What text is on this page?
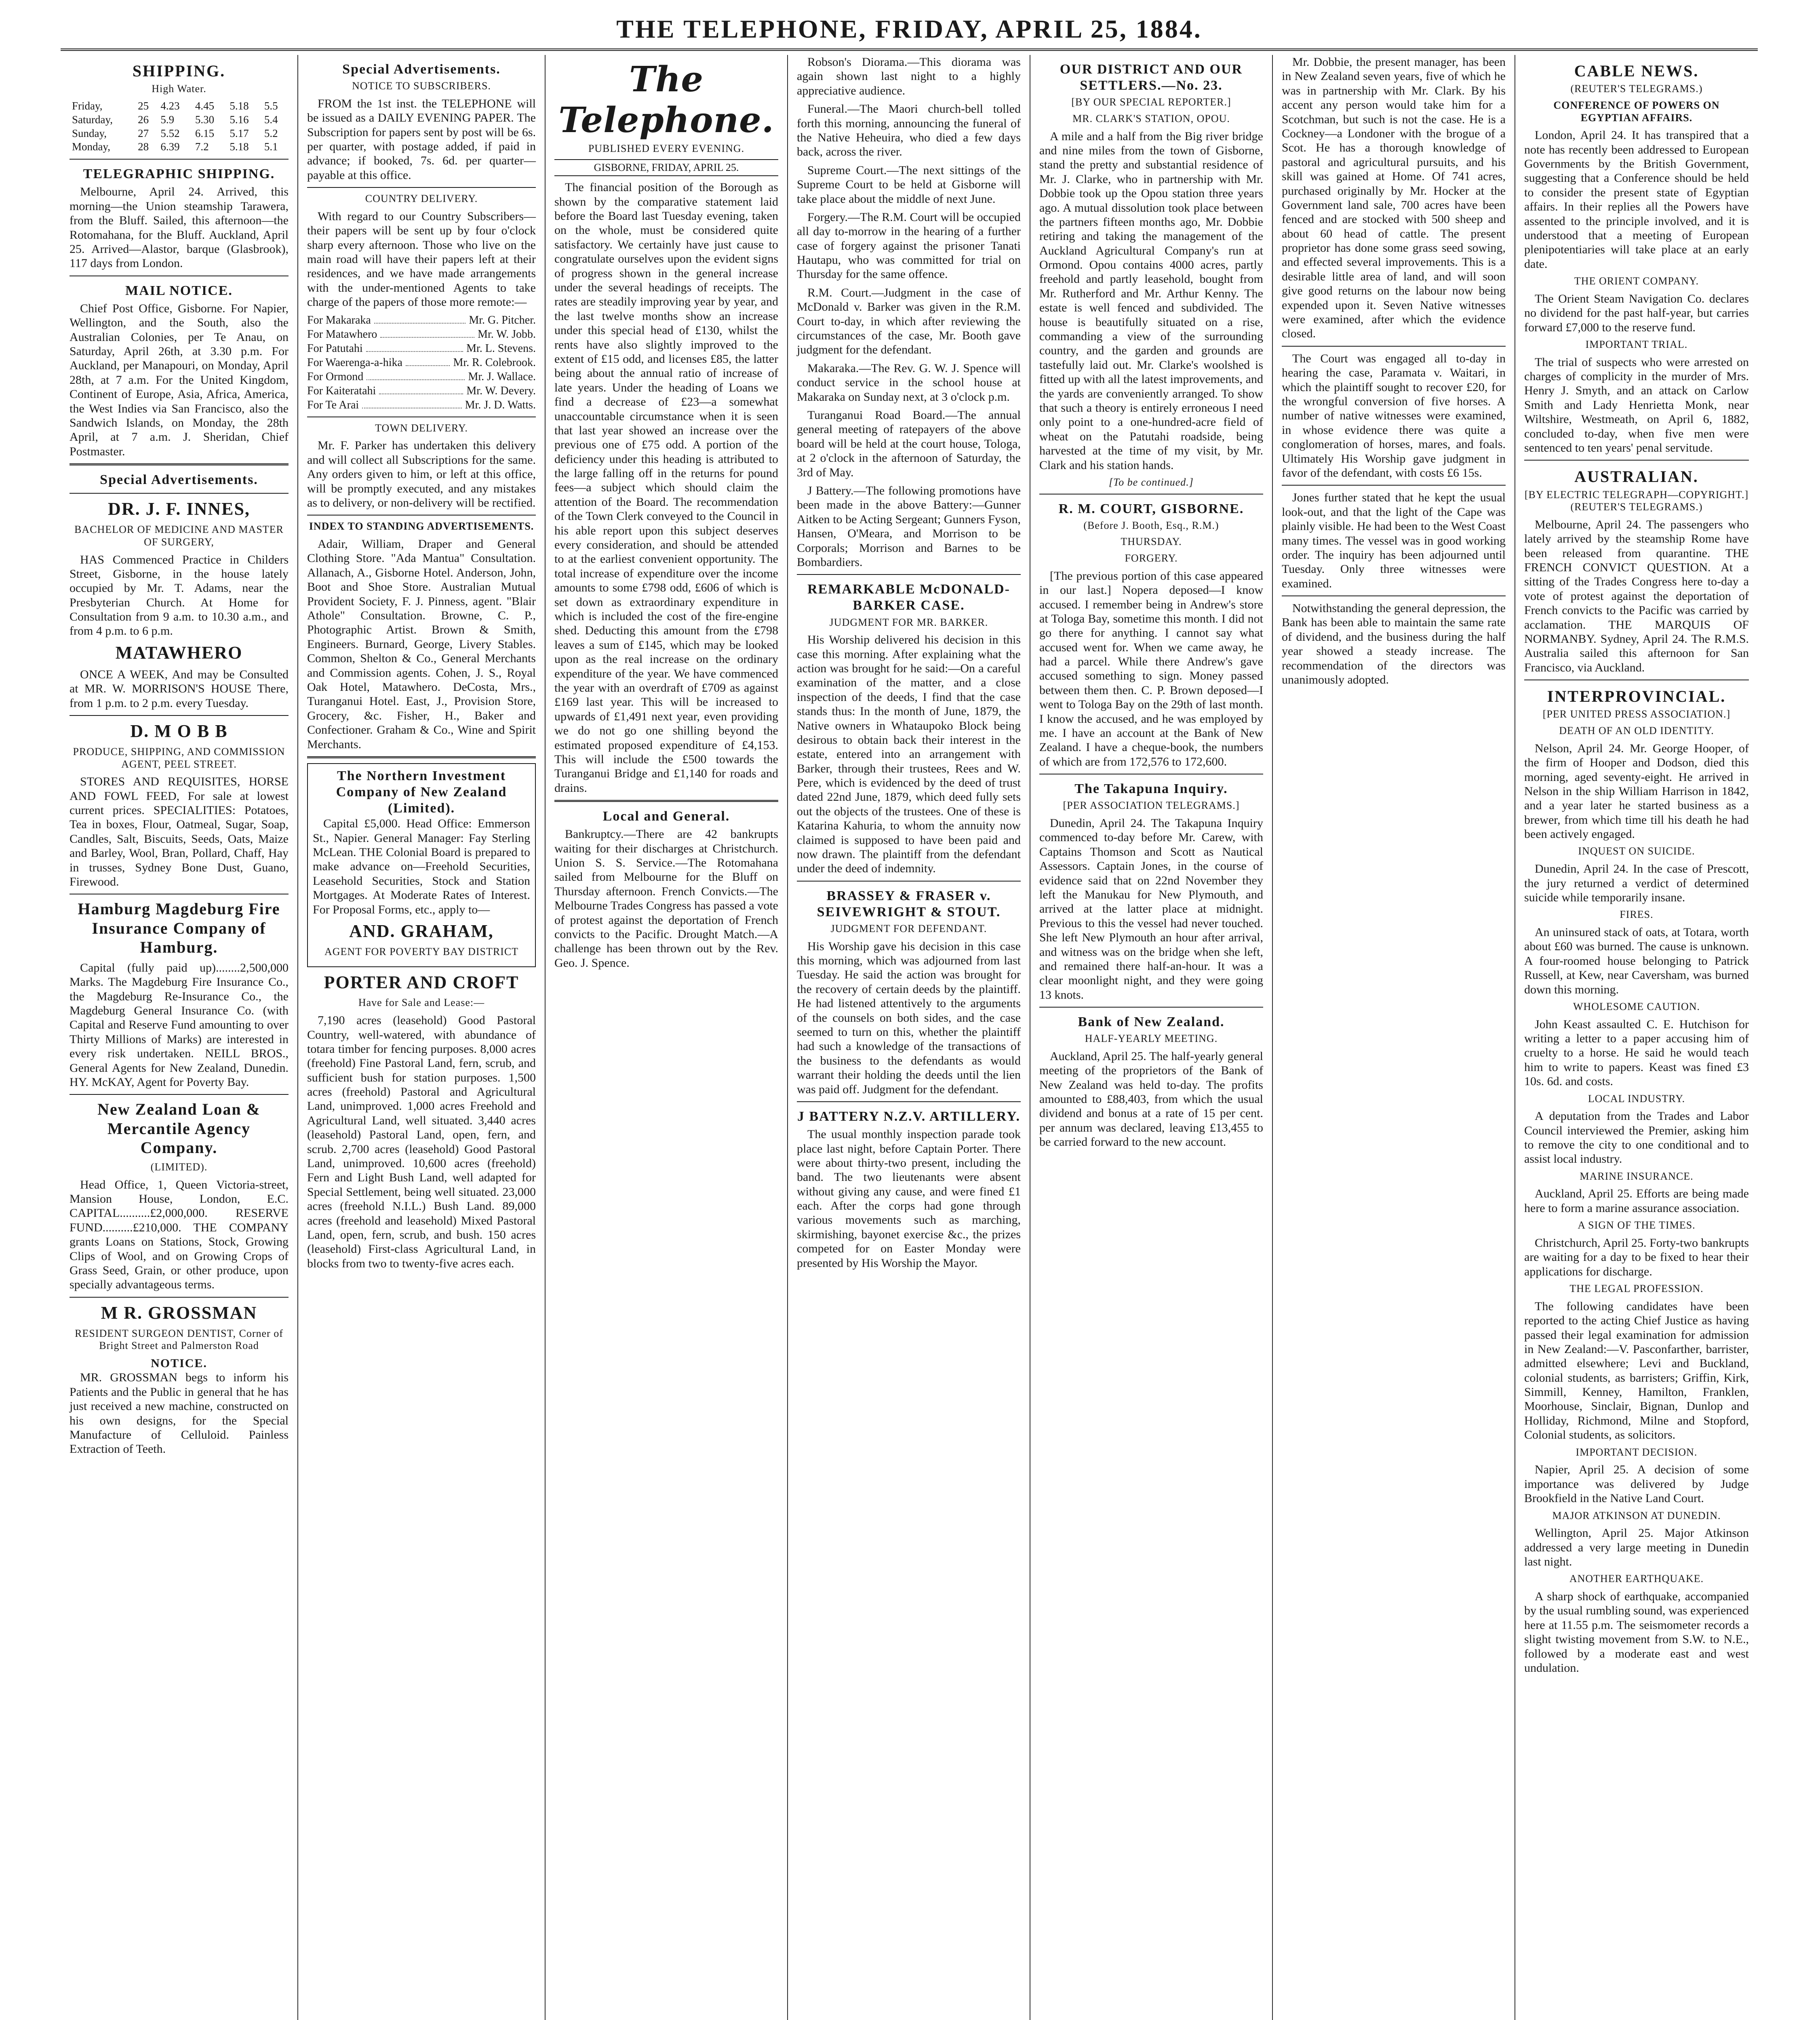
THE TELEPHONE, FRIDAY, APRIL 25, 1884.
SHIPPING.
High Water.
Friday,	25	4.23	4.45	5.18	5.5
Saturday,	26	5.9	5.30	5.16	5.4
Sunday,	27	5.52	6.15	5.17	5.2
Monday,	28	6.39	7.2	5.18	5.1
TELEGRAPHIC SHIPPING.

Melbourne, April 24. Arrived, this morning—the Union steamship Tarawera, from the Bluff. Sailed, this afternoon—the Rotomahana, for the Bluff. Auckland, April 25. Arrived—Alastor, barque (Glasbrook), 117 days from London.

MAIL NOTICE.

Chief Post Office, Gisborne. For Napier, Wellington, and the South, also the Australian Colonies, per Te Anau, on Saturday, April 26th, at 3.30 p.m. For Auckland, per Manapouri, on Monday, April 28th, at 7 a.m. For the United Kingdom, Continent of Europe, Asia, Africa, America, the West Indies via San Francisco, also the Sandwich Islands, on Monday, the 28th April, at 7 a.m. J. Sheridan, Chief Postmaster.

Special Advertisements.
DR. J. F. INNES,
BACHELOR OF MEDICINE AND MASTER OF SURGERY,

HAS Commenced Practice in Childers Street, Gisborne, in the house lately occupied by Mr. T. Adams, near the Presbyterian Church. At Home for Consultation from 9 a.m. to 10.30 a.m., and from 4 p.m. to 6 p.m.

MATAWHERO

ONCE A WEEK, And may be Consulted at MR. W. MORRISON'S HOUSE There, from 1 p.m. to 2 p.m. every Tuesday.

D. M O B B
PRODUCE, SHIPPING, AND COMMISSION AGENT, PEEL STREET.

STORES AND REQUISITES, HORSE AND FOWL FEED, For sale at lowest current prices. SPECIALITIES: Potatoes, Tea in boxes, Flour, Oatmeal, Sugar, Soap, Candles, Salt, Biscuits, Seeds, Oats, Maize and Barley, Wool, Bran, Pollard, Chaff, Hay in trusses, Sydney Bone Dust, Guano, Firewood.

Hamburg Magdeburg Fire Insurance Company of Hamburg.

Capital (fully paid up)........2,500,000 Marks. The Magdeburg Fire Insurance Co., the Magdeburg Re-Insurance Co., the Magdeburg General Insurance Co. (with Capital and Reserve Fund amounting to over Thirty Millions of Marks) are interested in every risk undertaken. NEILL BROS., General Agents for New Zealand, Dunedin. HY. McKAY, Agent for Poverty Bay.

New Zealand Loan & Mercantile Agency Company.
(LIMITED).

Head Office, 1, Queen Victoria-street, Mansion House, London, E.C. CAPITAL..........£2,000,000. RESERVE FUND..........£210,000. THE COMPANY grants Loans on Stations, Stock, Growing Clips of Wool, and on Growing Crops of Grass Seed, Grain, or other produce, upon specially advantageous terms.

M R. GROSSMAN
RESIDENT SURGEON DENTIST, Corner of Bright Street and Palmerston Road
NOTICE.

MR. GROSSMAN begs to inform his Patients and the Public in general that he has just received a new machine, constructed on his own designs, for the Special Manufacture of Celluloid. Painless Extraction of Teeth.

Special Advertisements.
NOTICE TO SUBSCRIBERS.

FROM the 1st inst. the TELEPHONE will be issued as a DAILY EVENING PAPER. The Subscription for papers sent by post will be 6s. per quarter, with postage added, if paid in advance; if booked, 7s. 6d. per quarter—payable at this office.

COUNTRY DELIVERY.

With regard to our Country Subscribers—their papers will be sent up by four o'clock sharp every afternoon. Those who live on the main road will have their papers left at their residences, and we have made arrangements with the under-mentioned Agents to take charge of the papers of those more remote:—

For Makaraka	Mr. G. Pitcher.
For Matawhero	Mr. W. Jobb.
For Patutahi	Mr. L. Stevens.
For Waerenga-a-hika	Mr. R. Colebrook.
For Ormond	Mr. J. Wallace.
For Kaiteratahi	Mr. W. Devery.
For Te Arai	Mr. J. D. Watts.
TOWN DELIVERY.

Mr. F. Parker has undertaken this delivery and will collect all Subscriptions for the same. Any orders given to him, or left at this office, will be promptly executed, and any mistakes as to delivery, or non-delivery will be rectified.

INDEX TO STANDING ADVERTISEMENTS.

Adair, William, Draper and General Clothing Store. "Ada Mantua" Consultation. Allanach, A., Gisborne Hotel. Anderson, John, Boot and Shoe Store. Australian Mutual Provident Society, F. J. Pinness, agent. "Blair Athole" Consultation. Browne, C. P., Photographic Artist. Brown & Smith, Engineers. Burnard, George, Livery Stables. Common, Shelton & Co., General Merchants and Commission agents. Cohen, J. S., Royal Oak Hotel, Matawhero. DeCosta, Mrs., Turanganui Hotel. East, J., Provision Store, Grocery, &c. Fisher, H., Baker and Confectioner. Graham & Co., Wine and Spirit Merchants.

The Northern Investment Company of New Zealand (Limited).

Capital £5,000. Head Office: Emmerson St., Napier. General Manager: Fay Sterling McLean. THE Colonial Board is prepared to make advance on—Freehold Securities, Leasehold Securities, Stock and Station Mortgages. At Moderate Rates of Interest. For Proposal Forms, etc., apply to—

AND. GRAHAM,
AGENT FOR POVERTY BAY DISTRICT
PORTER AND CROFT
Have for Sale and Lease:—

7,190 acres (leasehold) Good Pastoral Country, well-watered, with abundance of totara timber for fencing purposes. 8,000 acres (freehold) Fine Pastoral Land, fern, scrub, and sufficient bush for station purposes. 1,500 acres (freehold) Pastoral and Agricultural Land, unimproved. 1,000 acres Freehold and Agricultural Land, well situated. 3,440 acres (leasehold) Pastoral Land, open, fern, and scrub. 2,700 acres (leasehold) Good Pastoral Land, unimproved. 10,600 acres (freehold) Fern and Light Bush Land, well adapted for Special Settlement, being well situated. 23,000 acres (freehold N.I.L.) Bush Land. 89,000 acres (freehold and leasehold) Mixed Pastoral Land, open, fern, scrub, and bush. 150 acres (leasehold) First-class Agricultural Land, in blocks from two to twenty-five acres each.

The Telephone.
PUBLISHED EVERY EVENING.
GISBORNE, FRIDAY, APRIL 25.

The financial position of the Borough as shown by the comparative statement laid before the Board last Tuesday evening, taken on the whole, must be considered quite satisfactory. We certainly have just cause to congratulate ourselves upon the evident signs of progress shown in the general increase under the several headings of receipts. The rates are steadily improving year by year, and the last twelve months show an increase under this special head of £130, whilst the rents have also slightly improved to the extent of £15 odd, and licenses £85, the latter being about the annual ratio of increase of late years. Under the heading of Loans we find a decrease of £23—a somewhat unaccountable circumstance when it is seen that last year showed an increase over the previous one of £75 odd. A portion of the deficiency under this heading is attributed to the large falling off in the returns for pound fees—a subject which should claim the attention of the Board. The recommendation of the Town Clerk conveyed to the Council in his able report upon this subject deserves every consideration, and should be attended to at the earliest convenient opportunity. The total increase of expenditure over the income amounts to some £798 odd, £606 of which is set down as extraordinary expenditure in which is included the cost of the fire-engine shed. Deducting this amount from the £798 leaves a sum of £145, which may be looked upon as the real increase on the ordinary expenditure of the year. We have commenced the year with an overdraft of £709 as against £169 last year. This will be increased to upwards of £1,491 next year, even providing we do not go one shilling beyond the estimated proposed expenditure of £4,153. This will include the £500 towards the Turanganui Bridge and £1,140 for roads and drains.

Local and General.

Bankruptcy.—There are 42 bankrupts waiting for their discharges at Christchurch. Union S. S. Service.—The Rotomahana sailed from Melbourne for the Bluff on Thursday afternoon. French Convicts.—The Melbourne Trades Congress has passed a vote of protest against the deportation of French convicts to the Pacific. Drought Match.—A challenge has been thrown out by the Rev. Geo. J. Spence.

Robson's Diorama.—This diorama was again shown last night to a highly appreciative audience.

Funeral.—The Maori church-bell tolled forth this morning, announcing the funeral of the Native Heheuira, who died a few days back, across the river.

Supreme Court.—The next sittings of the Supreme Court to be held at Gisborne will take place about the middle of next June.

Forgery.—The R.M. Court will be occupied all day to-morrow in the hearing of a further case of forgery against the prisoner Tanati Hautapu, who was committed for trial on Thursday for the same offence.

R.M. Court.—Judgment in the case of McDonald v. Barker was given in the R.M. Court to-day, in which after reviewing the circumstances of the case, Mr. Booth gave judgment for the defendant.

Makaraka.—The Rev. G. W. J. Spence will conduct service in the school house at Makaraka on Sunday next, at 3 o'clock p.m.

Turanganui Road Board.—The annual general meeting of ratepayers of the above board will be held at the court house, Tologa, at 2 o'clock in the afternoon of Saturday, the 3rd of May.

J Battery.—The following promotions have been made in the above Battery:—Gunner Aitken to be Acting Sergeant; Gunners Fyson, Hansen, O'Meara, and Morrison to be Corporals; Morrison and Barnes to be Bombardiers.

REMARKABLE McDONALD-BARKER CASE.
JUDGMENT FOR MR. BARKER.

His Worship delivered his decision in this case this morning. After explaining what the action was brought for he said:—On a careful examination of the matter, and a close inspection of the deeds, I find that the case stands thus: In the month of June, 1879, the Native owners in Whataupoko Block being desirous to obtain back their interest in the estate, entered into an arrangement with Barker, through their trustees, Rees and W. Pere, which is evidenced by the deed of trust dated 22nd June, 1879, which deed fully sets out the objects of the trustees. One of these is Katarina Kahuria, to whom the annuity now claimed is supposed to have been paid and now drawn. The plaintiff from the defendant under the deed of indemnity.

BRASSEY & FRASER v. SEIVEWRIGHT & STOUT.
JUDGMENT FOR DEFENDANT.

His Worship gave his decision in this case this morning, which was adjourned from last Tuesday. He said the action was brought for the recovery of certain deeds by the plaintiff. He had listened attentively to the arguments of the counsels on both sides, and the case seemed to turn on this, whether the plaintiff had such a knowledge of the transactions of the business to the defendants as would warrant their holding the deeds until the lien was paid off. Judgment for the defendant.

J BATTERY N.Z.V. ARTILLERY.

The usual monthly inspection parade took place last night, before Captain Porter. There were about thirty-two present, including the band. The two lieutenants were absent without giving any cause, and were fined £1 each. After the corps had gone through various movements such as marching, skirmishing, bayonet exercise &c., the prizes competed for on Easter Monday were presented by His Worship the Mayor.

OUR DISTRICT AND OUR SETTLERS.—No. 23.
[BY OUR SPECIAL REPORTER.]
MR. CLARK'S STATION, OPOU.

A mile and a half from the Big river bridge and nine miles from the town of Gisborne, stand the pretty and substantial residence of Mr. J. Clarke, who in partnership with Mr. Dobbie took up the Opou station three years ago. A mutual dissolution took place between the partners fifteen months ago, Mr. Dobbie retiring and taking the management of the Auckland Agricultural Company's run at Ormond. Opou contains 4000 acres, partly freehold and partly leasehold, bought from Mr. Rutherford and Mr. Arthur Kenny. The estate is well fenced and subdivided. The house is beautifully situated on a rise, commanding a view of the surrounding country, and the garden and grounds are tastefully laid out. Mr. Clarke's woolshed is fitted up with all the latest improvements, and the yards are conveniently arranged. To show that such a theory is entirely erroneous I need only point to a one-hundred-acre field of wheat on the Patutahi roadside, being harvested at the time of my visit, by Mr. Clark and his station hands.

[To be continued.]
R. M. COURT, GISBORNE.
(Before J. Booth, Esq., R.M.)
THURSDAY.
FORGERY.

[The previous portion of this case appeared in our last.] Nopera deposed—I know accused. I remember being in Andrew's store at Tologa Bay, sometime this month. I did not go there for anything. I cannot say what accused went for. When we came away, he had a parcel. While there Andrew's gave accused something to sign. Money passed between them then. C. P. Brown deposed—I went to Tologa Bay on the 29th of last month. I know the accused, and he was employed by me. I have an account at the Bank of New Zealand. I have a cheque-book, the numbers of which are from 172,576 to 172,600.

The Takapuna Inquiry.
[PER ASSOCIATION TELEGRAMS.]

Dunedin, April 24. The Takapuna Inquiry commenced to-day before Mr. Carew, with Captains Thomson and Scott as Nautical Assessors. Captain Jones, in the course of evidence said that on 22nd November they left the Manukau for New Plymouth, and arrived at the latter place at midnight. Previous to this the vessel had never touched. She left New Plymouth an hour after arrival, and witness was on the bridge when she left, and remained there half-an-hour. It was a clear moonlight night, and they were going 13 knots.

Bank of New Zealand.
HALF-YEARLY MEETING.

Auckland, April 25. The half-yearly general meeting of the proprietors of the Bank of New Zealand was held to-day. The profits amounted to £88,403, from which the usual dividend and bonus at a rate of 15 per cent. per annum was declared, leaving £13,455 to be carried forward to the new account.

Mr. Dobbie, the present manager, has been in New Zealand seven years, five of which he was in partnership with Mr. Clark. By his accent any person would take him for a Scotchman, but such is not the case. He is a Cockney—a Londoner with the brogue of a Scot. He has a thorough knowledge of pastoral and agricultural pursuits, and his skill was gained at Home. Of 741 acres, purchased originally by Mr. Hocker at the Government land sale, 700 acres have been fenced and are stocked with 500 sheep and about 60 head of cattle. The present proprietor has done some grass seed sowing, and effected several improvements. This is a desirable little area of land, and will soon give good returns on the labour now being expended upon it. Seven Native witnesses were examined, after which the evidence closed.

The Court was engaged all to-day in hearing the case, Paramata v. Waitari, in which the plaintiff sought to recover £20, for the wrongful conversion of five horses. A number of native witnesses were examined, in whose evidence there was quite a conglomeration of horses, mares, and foals. Ultimately His Worship gave judgment in favor of the defendant, with costs £6 15s.

Jones further stated that he kept the usual look-out, and that the light of the Cape was plainly visible. He had been to the West Coast many times. The vessel was in good working order. The inquiry has been adjourned until Tuesday. Only three witnesses were examined.

Notwithstanding the general depression, the Bank has been able to maintain the same rate of dividend, and the business during the half year showed a steady increase. The recommendation of the directors was unanimously adopted.

CABLE NEWS.
(REUTER'S TELEGRAMS.)
CONFERENCE OF POWERS ON EGYPTIAN AFFAIRS.

London, April 24. It has transpired that a note has recently been addressed to European Governments by the British Government, suggesting that a Conference should be held to consider the present state of Egyptian affairs. In their replies all the Powers have assented to the principle involved, and it is understood that a meeting of European plenipotentiaries will take place at an early date.

THE ORIENT COMPANY.

The Orient Steam Navigation Co. declares no dividend for the past half-year, but carries forward £7,000 to the reserve fund.

IMPORTANT TRIAL.

The trial of suspects who were arrested on charges of complicity in the murder of Mrs. Henry J. Smyth, and an attack on Carlow Smith and Lady Henrietta Monk, near Wiltshire, Westmeath, on April 6, 1882, concluded to-day, when five men were sentenced to ten years' penal servitude.

AUSTRALIAN.
[BY ELECTRIC TELEGRAPH—COPYRIGHT.] (REUTER'S TELEGRAMS.)

Melbourne, April 24. The passengers who lately arrived by the steamship Rome have been released from quarantine. THE FRENCH CONVICT QUESTION. At a sitting of the Trades Congress here to-day a vote of protest against the deportation of French convicts to the Pacific was carried by acclamation. THE MARQUIS OF NORMANBY. Sydney, April 24. The R.M.S. Australia sailed this afternoon for San Francisco, via Auckland.

INTERPROVINCIAL.
[PER UNITED PRESS ASSOCIATION.]
DEATH OF AN OLD IDENTITY.

Nelson, April 24. Mr. George Hooper, of the firm of Hooper and Dodson, died this morning, aged seventy-eight. He arrived in Nelson in the ship William Harrison in 1842, and a year later he started business as a brewer, from which time till his death he had been actively engaged.

INQUEST ON SUICIDE.

Dunedin, April 24. In the case of Prescott, the jury returned a verdict of determined suicide while temporarily insane.

FIRES.

An uninsured stack of oats, at Totara, worth about £60 was burned. The cause is unknown. A four-roomed house belonging to Patrick Russell, at Kew, near Caversham, was burned down this morning.

WHOLESOME CAUTION.

John Keast assaulted C. E. Hutchison for writing a letter to a paper accusing him of cruelty to a horse. He said he would teach him to write to papers. Keast was fined £3 10s. 6d. and costs.

LOCAL INDUSTRY.

A deputation from the Trades and Labor Council interviewed the Premier, asking him to remove the city to one conditional and to assist local industry.

MARINE INSURANCE.

Auckland, April 25. Efforts are being made here to form a marine assurance association.

A SIGN OF THE TIMES.

Christchurch, April 25. Forty-two bankrupts are waiting for a day to be fixed to hear their applications for discharge.

THE LEGAL PROFESSION.

The following candidates have been reported to the acting Chief Justice as having passed their legal examination for admission in New Zealand:—V. Pasconfarther, barrister, admitted elsewhere; Levi and Buckland, colonial students, as barristers; Griffin, Kirk, Simmill, Kenney, Hamilton, Franklen, Moorhouse, Sinclair, Bignan, Dunlop and Holliday, Richmond, Milne and Stopford, Colonial students, as solicitors.

IMPORTANT DECISION.

Napier, April 25. A decision of some importance was delivered by Judge Brookfield in the Native Land Court.

MAJOR ATKINSON AT DUNEDIN.

Wellington, April 25. Major Atkinson addressed a very large meeting in Dunedin last night.

ANOTHER EARTHQUAKE.

A sharp shock of earthquake, accompanied by the usual rumbling sound, was experienced here at 11.55 p.m. The seismometer records a slight twisting movement from S.W. to N.E., followed by a moderate east and west undulation.
